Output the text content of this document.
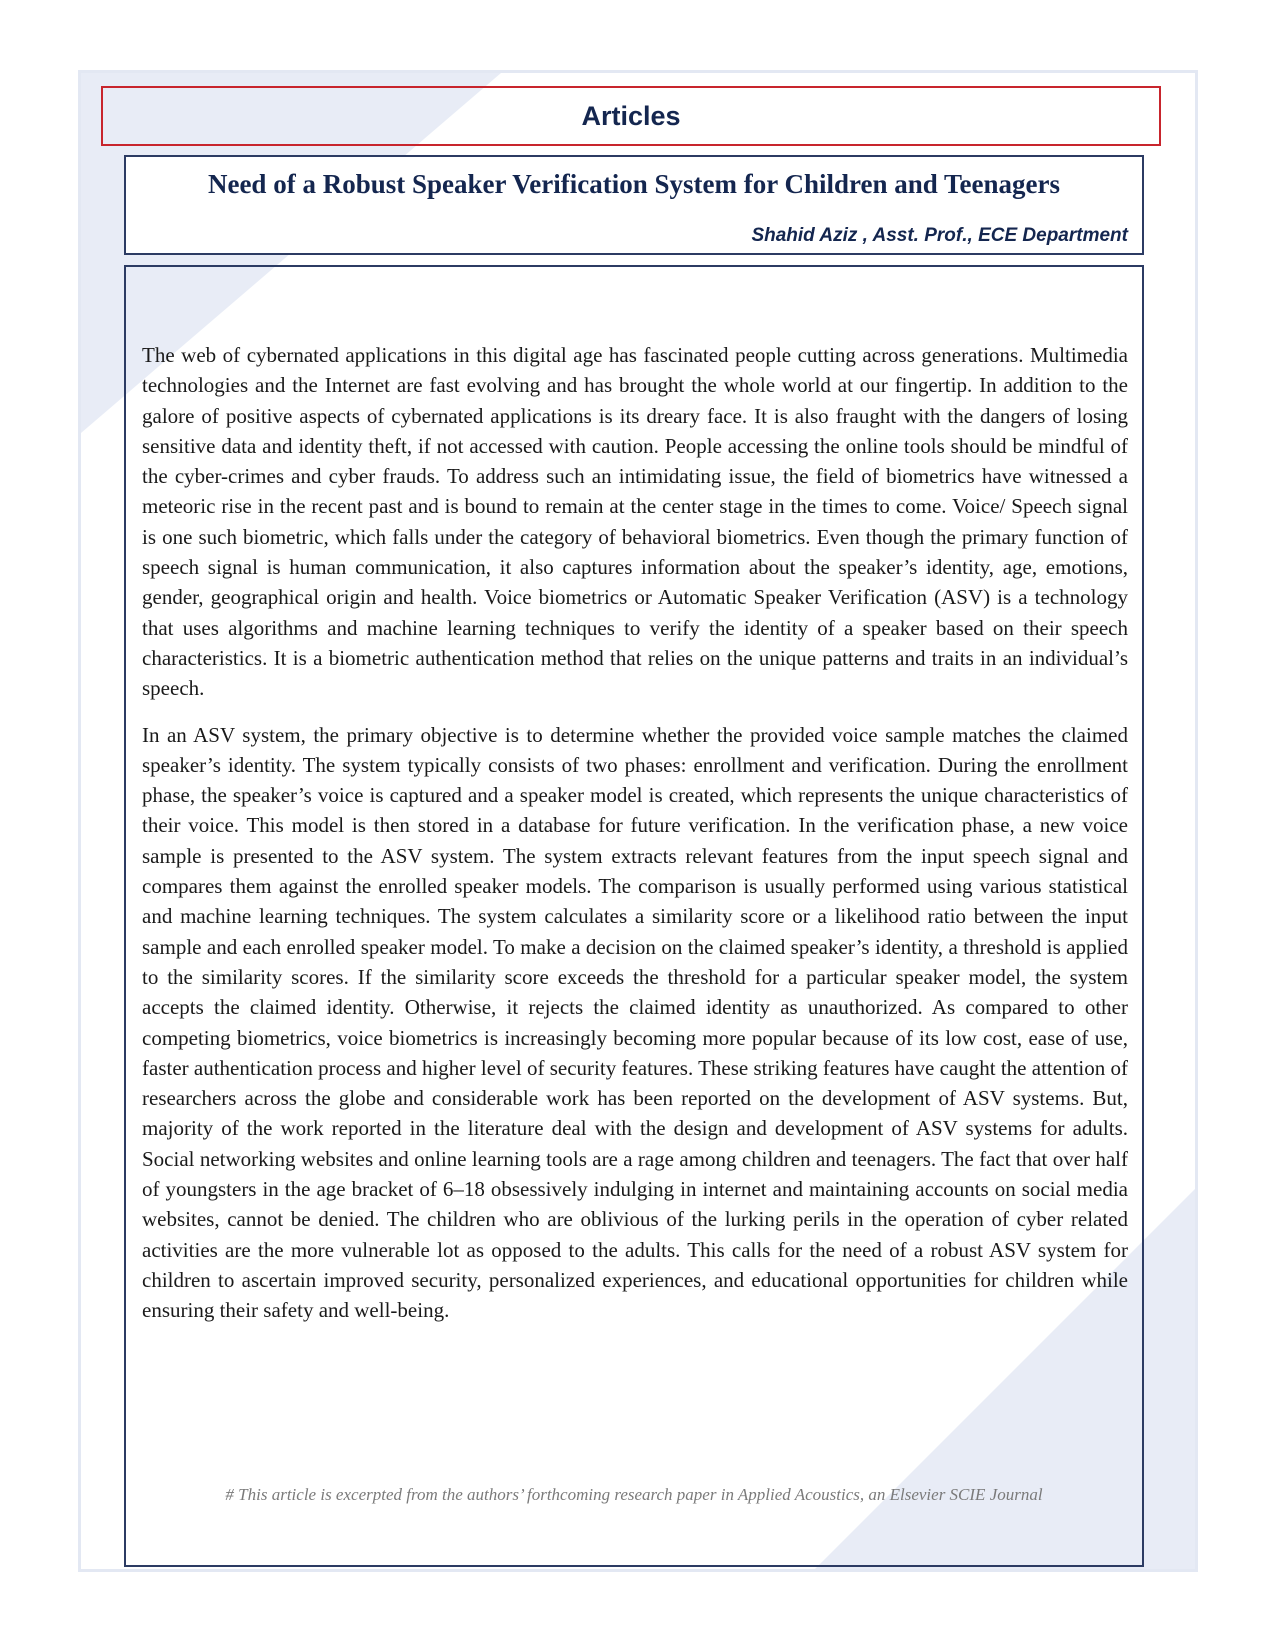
Articles
Need of a Robust Speaker Verification System for Children and Teenagers
Shahid Aziz , Asst. Prof., ECE Department

The web of cybernated applications in this digital age has fascinated people cutting across generations. Multimedia technologies and the Internet are fast evolving and has brought the whole world at our fingertip. In addition to the galore of positive aspects of cybernated applications is its dreary face. It is also fraught with the dangers of losing sensitive data and identity theft, if not accessed with caution. People accessing the online tools should be mindful of the cyber-crimes and cyber frauds. To address such an intimidating issue, the field of biometrics have witnessed a meteoric rise in the recent past and is bound to remain at the center stage in the times to come. Voice/ Speech signal is one such biometric, which falls under the category of behavioral biometrics. Even though the primary function of speech signal is human communication, it also captures information about the speaker’s identity, age, emotions, gender, geographical origin and health. Voice biometrics or Automatic Speaker Verification (ASV) is a technology that uses algorithms and machine learning techniques to verify the identity of a speaker based on their speech characteristics. It is a biometric authentication method that relies on the unique patterns and traits in an individual’s speech.

In an ASV system, the primary objective is to determine whether the provided voice sample matches the claimed speaker’s identity. The system typically consists of two phases: enrollment and verification. During the enrollment phase, the speaker’s voice is captured and a speaker model is created, which represents the unique characteristics of their voice. This model is then stored in a database for future verification. In the verification phase, a new voice sample is presented to the ASV system. The system extracts relevant features from the input speech signal and compares them against the enrolled speaker models. The comparison is usually performed using various statistical and machine learning techniques. The system calculates a similarity score or a likelihood ratio between the input sample and each enrolled speaker model. To make a decision on the claimed speaker’s identity, a threshold is applied to the similarity scores. If the similarity score exceeds the threshold for a particular speaker model, the system accepts the claimed identity. Otherwise, it rejects the claimed identity as unauthorized. As compared to other competing biometrics, voice biometrics is increasingly becoming more popular because of its low cost, ease of use, faster authentication process and higher level of security features. These striking features have caught the attention of researchers across the globe and considerable work has been reported on the development of ASV systems. But, majority of the work reported in the literature deal with the design and development of ASV systems for adults. Social networking websites and online learning tools are a rage among children and teenagers. The fact that over half of youngsters in the age bracket of 6–18 obsessively indulging in internet and maintaining accounts on social media websites, cannot be denied. The children who are oblivious of the lurking perils in the operation of cyber related activities are the more vulnerable lot as opposed to the adults. This calls for the need of a robust ASV system for children to ascertain improved security, personalized experiences, and educational opportunities for children while ensuring their safety and well-being.

# This article is excerpted from the authors’ forthcoming research paper in Applied Acoustics, an Elsevier SCIE Journal
